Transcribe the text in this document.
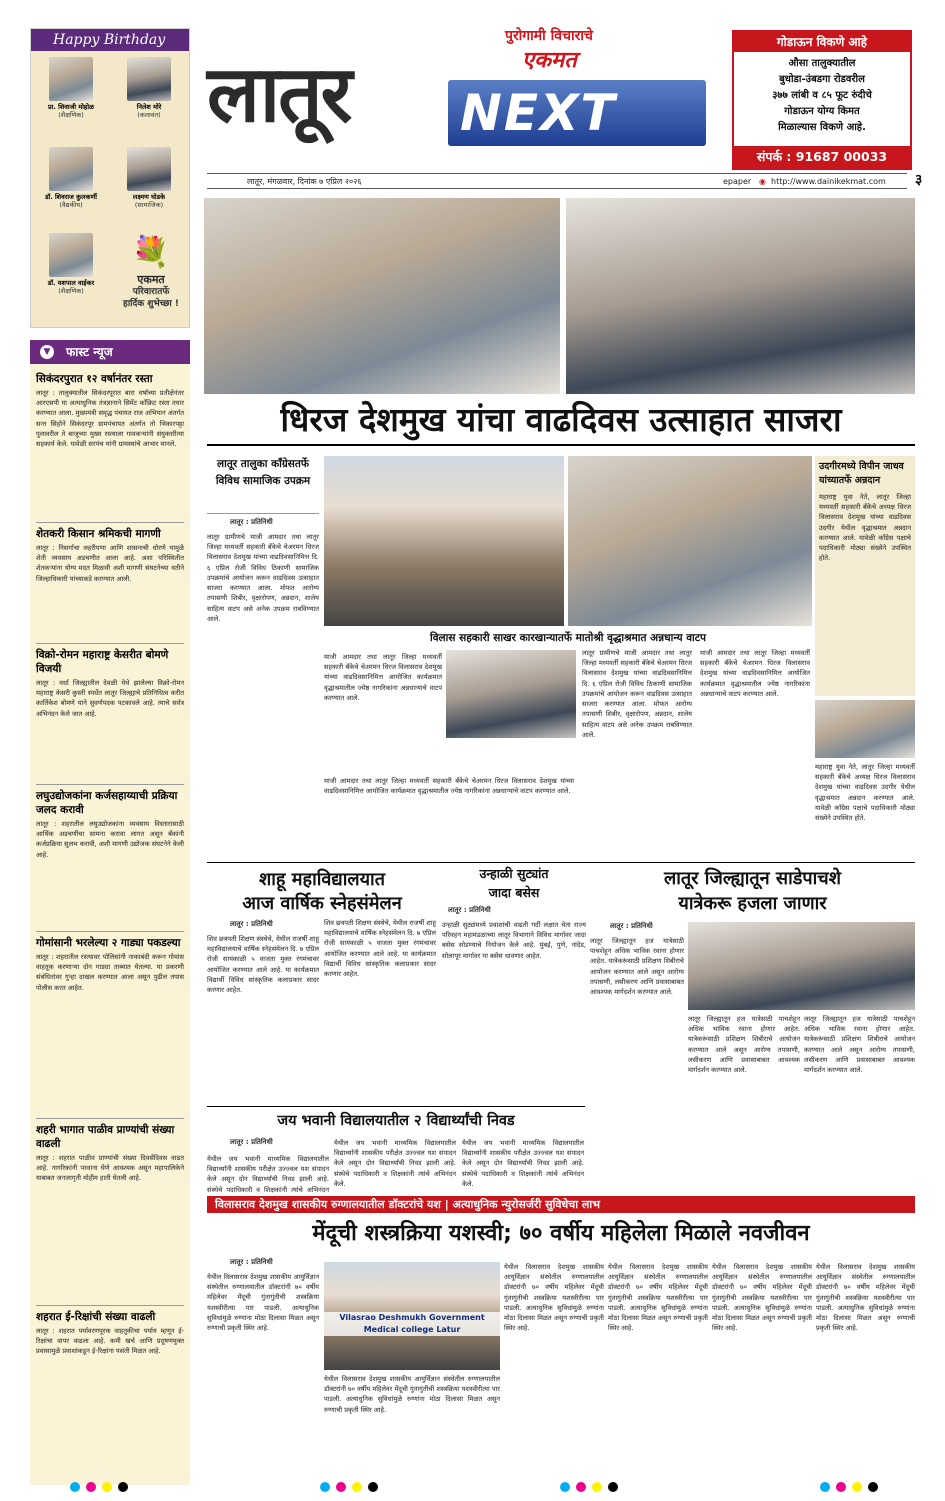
Happy Birthday
प्रा. शिवाजी मोहोळ
(शैक्षणिक)
निलेश मोरे
(कलावंत)
डॉ. शिवराज कुलकर्णी
(वैद्यकीय)
लक्ष्मण घोडके
(सामाजिक)
डॉ. यशपाल वाईकर
(शैक्षणिक)
💐
एकमत
परिवारातर्फे
हार्दिक शुभेच्छा !
▼ फास्ट न्यूज
सिकंदरपुरात १२ वर्षानंतर रस्ता
लातूर : तालुक्यातील सिकंदरपूरात बारा वर्षांच्या प्रतीक्षेनंतर आरएसपी या अत्याधुनिक तंत्रज्ञानाने सिमेंट काँक्रिट रस्ता तयार करण्यात आला. मुख्यमंत्री समृद्ध पंचायत राज अभियान अंतर्गत सन्त सिहोने सिकंदरपूर ग्रामपंचायत अंतर्गत तो भिकारपट्टा पुलावरील ते बाजूच्या मुख्य रस्त्याला गावकऱ्यांनी संयुक्तरीत्या सहकार्य केले. यावेळी सरपंच यांनी ग्रामस्थांचे आभार मानले.
शेतकरी किसान श्रमिकची मागणी
लातूर : निसर्गाचा लहरीपणा आणि शासनाची धोरणे यामुळे शेती व्यवसाय अडचणीत आला आहे. अशा परिस्थितीत शेतकऱ्यांना योग्य मदत मिळावी अशी मागणी संघटनेच्या वतीने जिल्हाधिकारी यांच्याकडे करण्यात आली.
विक्रो-रोमन महाराष्ट्र केसरीत बोमणे विजयी
लातूर : वर्धा जिल्ह्यातील देवळी येथे झालेल्या विक्रो-रोमन महाराष्ट्र केसरी कुस्ती स्पर्धेत लातूर जिल्ह्याचे प्रतिनिधित्व करीत कार्तिकेश बोमणे याने सुवर्णपदक पटकावले आहे. त्याचे सर्वत्र अभिनंदन केले जात आहे.
लघुउद्योजकांना कर्जसहाय्याची प्रक्रिया जलद करावी
लातूर : शहरातील लघुउद्योजकांना व्यवसाय विस्तारासाठी आर्थिक अडचणींचा सामना करावा लागत असून बँकांनी कर्जप्रक्रिया सुलभ करावी, अशी मागणी उद्योजक संघटनेने केली आहे.
गोमांसानी भरलेल्या २ गाड्या पकडल्या
लातूर : शहरातील रस्त्यावर पोलिसांनी नाकाबंदी करून गोमांस वाहतूक करणाऱ्या दोन गाड्या ताब्यात घेतल्या. या प्रकरणी संबंधितांवर गुन्हा दाखल करण्यात आला असून पुढील तपास पोलीस करत आहेत.
शहरी भागात पाळीव प्राण्यांची संख्या वाढली
लातूर : शहरात पाळीव प्राण्यांची संख्या दिवसेंदिवस वाढत आहे. नागरिकांनी परवाना घेणे आवश्यक असून महापालिकेने याबाबत जनजागृती मोहीम हाती घेतली आहे.
शहरात ई-रिक्षांची संख्या वाढली
लातूर : शहरात पर्यावरणपूरक वाहतुकीचा पर्याय म्हणून ई-रिक्षांचा वापर वाढला आहे. कमी खर्च आणि प्रदूषणमुक्त प्रवासामुळे प्रवाशांकडून ई-रिक्षांना पसंती मिळत आहे.
लातूर
पुरोगामी विचाराचे
एकमत
NEXT
गोडाऊन विकणे आहे
औसा तालुक्यातील
बुधोडा-उंबडगा रोडवरील
३७७ लांबी व ८५ फूट रुंदीचे
गोडाऊन योग्य किमत
मिळाल्यास विकणे आहे.
संपर्क : 91687 00033
लातूर, मंगळवार, दिनांक ७ एप्रिल २०२६	epaper ◉ http://www.dainikekmat.com ३
धिरज देशमुख यांचा वाढदिवस उत्साहात साजरा
लातूर तालुका काँग्रेसतर्फे विविध सामाजिक उपक्रम
लातूर : प्रतिनिधी
लातूर ग्रामीणचे माजी आमदार तथा लातूर जिल्हा मध्यवर्ती सहकारी बँकेचे चेअरमन धिरज विलासराव देशमुख यांच्या वाढदिवसानिमित्त दि. ६ एप्रिल रोजी विविध ठिकाणी सामाजिक उपक्रमांचे आयोजन करून वाढदिवस उत्साहात साजरा करण्यात आला. मोफत आरोग्य तपासणी शिबीर, वृक्षारोपण, अन्नदान, शालेय साहित्य वाटप असे अनेक उपक्रम राबविण्यात आले.
उदगीरमध्ये विपीन जाधव यांच्यातर्फे अन्नदान
महाराष्ट्र युवा नेते, लातूर जिल्हा मध्यवर्ती सहकारी बँकेचे अध्यक्ष धिरज विलासराव देशमुख यांच्या वाढदिवस उदगीर येथील वृद्धाश्रमात अन्नदान करण्यात आले. यावेळी काँग्रेस पक्षाचे पदाधिकारी मोठ्या संख्येने उपस्थित होते.
विलास सहकारी साखर कारखान्यातर्फे मातोश्री वृद्धाश्रमात अन्नधान्य वाटप
माजी आमदार तथा लातूर जिल्हा मध्यवर्ती सहकारी बँकेचे चेअरमन धिरज विलासराव देशमुख यांच्या वाढदिवसानिमित्त आयोजित कार्यक्रमात वृद्धाश्रमातील ज्येष्ठ नागरिकांना अन्नधान्याचे वाटप करण्यात आले.
लातूर ग्रामीणचे माजी आमदार तथा लातूर जिल्हा मध्यवर्ती सहकारी बँकेचे चेअरमन धिरज विलासराव देशमुख यांच्या वाढदिवसानिमित्त दि. ६ एप्रिल रोजी विविध ठिकाणी सामाजिक उपक्रमांचे आयोजन करून वाढदिवस उत्साहात साजरा करण्यात आला. मोफत आरोग्य तपासणी शिबीर, वृक्षारोपण, अन्नदान, शालेय साहित्य वाटप असे अनेक उपक्रम राबविण्यात आले.
माजी आमदार तथा लातूर जिल्हा मध्यवर्ती सहकारी बँकेचे चेअरमन धिरज विलासराव देशमुख यांच्या वाढदिवसानिमित्त आयोजित कार्यक्रमात वृद्धाश्रमातील ज्येष्ठ नागरिकांना अन्नधान्याचे वाटप करण्यात आले.
महाराष्ट्र युवा नेते, लातूर जिल्हा मध्यवर्ती सहकारी बँकेचे अध्यक्ष धिरज विलासराव देशमुख यांच्या वाढदिवस उदगीर येथील वृद्धाश्रमात अन्नदान करण्यात आले. यावेळी काँग्रेस पक्षाचे पदाधिकारी मोठ्या संख्येने उपस्थित होते.
माजी आमदार तथा लातूर जिल्हा मध्यवर्ती सहकारी बँकेचे चेअरमन धिरज विलासराव देशमुख यांच्या वाढदिवसानिमित्त आयोजित कार्यक्रमात वृद्धाश्रमातील ज्येष्ठ नागरिकांना अन्नधान्याचे वाटप करण्यात आले.
शाहू महाविद्यालयात
आज वार्षिक स्नेहसंमेलन
लातूर : प्रतिनिधी
शिव छत्रपती शिक्षण संस्थेचे, येथील राजर्षी शाहू महाविद्यालयाचे वार्षिक स्नेहसंमेलन दि. ७ एप्रिल रोजी सायंकाळी ५ वाजता मुक्त रंगमंचावर आयोजित करण्यात आले आहे. या कार्यक्रमात विद्यार्थी विविध सांस्कृतिक कलाप्रकार सादर करणार आहेत.
शिव छत्रपती शिक्षण संस्थेचे, येथील राजर्षी शाहू महाविद्यालयाचे वार्षिक स्नेहसंमेलन दि. ७ एप्रिल रोजी सायंकाळी ५ वाजता मुक्त रंगमंचावर आयोजित करण्यात आले आहे. या कार्यक्रमात विद्यार्थी विविध सांस्कृतिक कलाप्रकार सादर करणार आहेत.
उन्हाळी सुट्यांत
जादा बसेस
लातूर : प्रतिनिधी
उन्हाळी सुट्यांमध्ये प्रवाशांची वाढती गर्दी लक्षात घेता राज्य परिवहन महामंडळाच्या लातूर विभागाने विविध मार्गावर जादा बसेस सोडण्याचे नियोजन केले आहे. मुंबई, पुणे, नांदेड, सोलापूर मार्गावर या बसेस धावणार आहेत.
लातूर जिल्ह्यातून साडेपाचशे
यात्रेकरू हजला जाणार
लातूर : प्रतिनिधी
लातूर जिल्ह्यातून हज यात्रेसाठी पाचशेहून अधिक भाविक रवाना होणार आहेत. यात्रेकरूंसाठी प्रशिक्षण शिबीराचे आयोजन करण्यात आले असून आरोग्य तपासणी, लसीकरण आणि प्रवासाबाबत आवश्यक मार्गदर्शन करण्यात आले.
लातूर जिल्ह्यातून हज यात्रेसाठी पाचशेहून अधिक भाविक रवाना होणार आहेत. यात्रेकरूंसाठी प्रशिक्षण शिबीराचे आयोजन करण्यात आले असून आरोग्य तपासणी, लसीकरण आणि प्रवासाबाबत आवश्यक मार्गदर्शन करण्यात आले.
लातूर जिल्ह्यातून हज यात्रेसाठी पाचशेहून अधिक भाविक रवाना होणार आहेत. यात्रेकरूंसाठी प्रशिक्षण शिबीराचे आयोजन करण्यात आले असून आरोग्य तपासणी, लसीकरण आणि प्रवासाबाबत आवश्यक मार्गदर्शन करण्यात आले.
जय भवानी विद्यालयातील २ विद्यार्थ्यांची निवड
लातूर : प्रतिनिधी
येथील जय भवानी माध्यमिक विद्यालयातील विद्यार्थ्यांनी शासकीय परीक्षेत उज्ज्वल यश संपादन केले असून दोन विद्यार्थ्यांची निवड झाली आहे. संस्थेचे पदाधिकारी व शिक्षकांनी त्यांचे अभिनंदन
येथील जय भवानी माध्यमिक विद्यालयातील विद्यार्थ्यांनी शासकीय परीक्षेत उज्ज्वल यश संपादन केले असून दोन विद्यार्थ्यांची निवड झाली आहे. संस्थेचे पदाधिकारी व शिक्षकांनी त्यांचे अभिनंदन केले.
येथील जय भवानी माध्यमिक विद्यालयातील विद्यार्थ्यांनी शासकीय परीक्षेत उज्ज्वल यश संपादन केले असून दोन विद्यार्थ्यांची निवड झाली आहे. संस्थेचे पदाधिकारी व शिक्षकांनी त्यांचे अभिनंदन केले.
विलासराव देशमुख शासकीय रुग्णालयातील डॉक्टरांचे यश | अत्याधुनिक न्युरोसर्जरी सुविधेचा लाभ
मेंदूची शस्त्रक्रिया यशस्वी; ७० वर्षीय महिलेला मिळाले नवजीवन
लातूर : प्रतिनिधी
येथील विलासराव देशमुख शासकीय आयुर्विज्ञान संस्थेतील रुग्णालयातील डॉक्टरांनी ७० वर्षीय महिलेवर मेंदूची गुंतागुंतीची शस्त्रक्रिया यशस्वीरीत्या पार पाडली. अत्याधुनिक सुविधांमुळे रुग्णांना मोठा दिलासा मिळत असून रुग्णाची प्रकृती स्थिर आहे.
Vilasrao Deshmukh Government Medical college Latur
येथील विलासराव देशमुख शासकीय आयुर्विज्ञान संस्थेतील रुग्णालयातील डॉक्टरांनी ७० वर्षीय महिलेवर मेंदूची गुंतागुंतीची शस्त्रक्रिया यशस्वीरीत्या पार पाडली. अत्याधुनिक सुविधांमुळे रुग्णांना मोठा दिलासा मिळत असून रुग्णाची प्रकृती स्थिर आहे.
येथील विलासराव देशमुख शासकीय आयुर्विज्ञान संस्थेतील रुग्णालयातील डॉक्टरांनी ७० वर्षीय महिलेवर मेंदूची गुंतागुंतीची शस्त्रक्रिया यशस्वीरीत्या पार पाडली. अत्याधुनिक सुविधांमुळे रुग्णांना मोठा दिलासा मिळत असून रुग्णाची प्रकृती स्थिर आहे.
येथील विलासराव देशमुख शासकीय आयुर्विज्ञान संस्थेतील रुग्णालयातील डॉक्टरांनी ७० वर्षीय महिलेवर मेंदूची गुंतागुंतीची शस्त्रक्रिया यशस्वीरीत्या पार पाडली. अत्याधुनिक सुविधांमुळे रुग्णांना मोठा दिलासा मिळत असून रुग्णाची प्रकृती स्थिर आहे.
येथील विलासराव देशमुख शासकीय आयुर्विज्ञान संस्थेतील रुग्णालयातील डॉक्टरांनी ७० वर्षीय महिलेवर मेंदूची गुंतागुंतीची शस्त्रक्रिया यशस्वीरीत्या पार पाडली. अत्याधुनिक सुविधांमुळे रुग्णांना मोठा दिलासा मिळत असून रुग्णाची प्रकृती स्थिर आहे.
येथील विलासराव देशमुख शासकीय आयुर्विज्ञान संस्थेतील रुग्णालयातील डॉक्टरांनी ७० वर्षीय महिलेवर मेंदूची गुंतागुंतीची शस्त्रक्रिया यशस्वीरीत्या पार पाडली. अत्याधुनिक सुविधांमुळे रुग्णांना मोठा दिलासा मिळत असून रुग्णाची प्रकृती स्थिर आहे.
